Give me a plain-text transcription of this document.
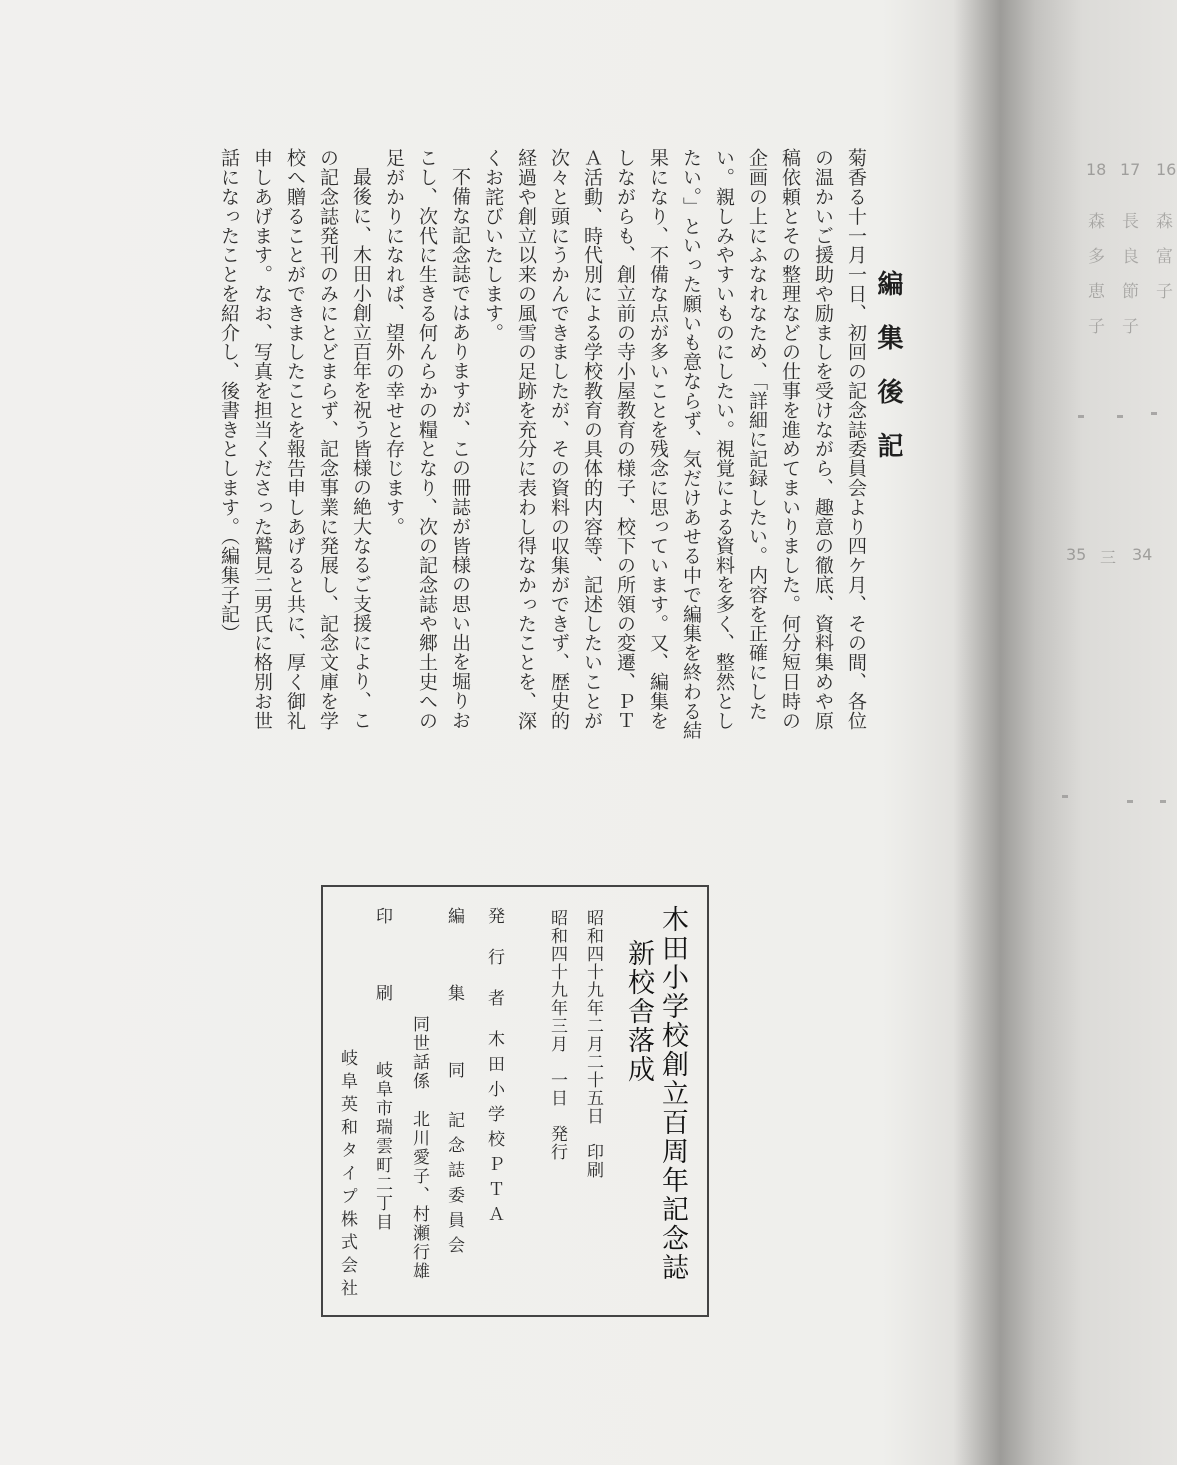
編集後記

菊香る十一月一日、初回の記念誌委員会より四ケ月、その間、各位の温かいご援助や励ましを受けながら、趣意の徹底、資料集めや原稿依頼とその整理などの仕事を進めてまいりました。何分短日時の企画の上にふなれなため、「詳細に記録したい。内容を正確にしたい。親しみやすいものにしたい。視覚による資料を多く、整然としたい。」といった願いも意ならず、気だけあせる中で編集を終わる結果になり、不備な点が多いことを残念に思っています。又、編集をしながらも、創立前の寺小屋教育の様子、校下の所領の変遷、ＰＴＡ活動、時代別による学校教育の具体的内容等、記述したいことが次々と頭にうかんできましたが、その資料の収集ができず、歴史的経過や創立以来の風雪の足跡を充分に表わし得なかったことを、深くお詫びいたします。

不備な記念誌ではありますが、この冊誌が皆様の思い出を堀りおこし、次代に生きる何んらかの糧となり、次の記念誌や郷土史への足がかりになれば、望外の幸せと存じます。

最後に、木田小創立百年を祝う皆様の絶大なるご支援により、この記念誌発刊のみにとどまらず、記念事業に発展し、記念文庫を学校へ贈ることができましたことを報告申しあげると共に、厚く御礼申しあげます。なお、写真を担当くださった鷲見二男氏に格別お世話になったことを紹介し、後書きとします。（編集子記）

木田小学校創立百周年記念誌
新校舎落成
昭和四十九年二月二十五日　印刷
昭和四十九年三月　一日　発行
発行者木田小学校ＰＴＡ
編集同　記念誌委員会
同世話係　北川愛子、村瀬行雄
印刷岐阜市瑞雲町二丁目
岐阜英和タイプ株式会社
18 17 16
森多恵子 長良節子 森富子
35 三 34
